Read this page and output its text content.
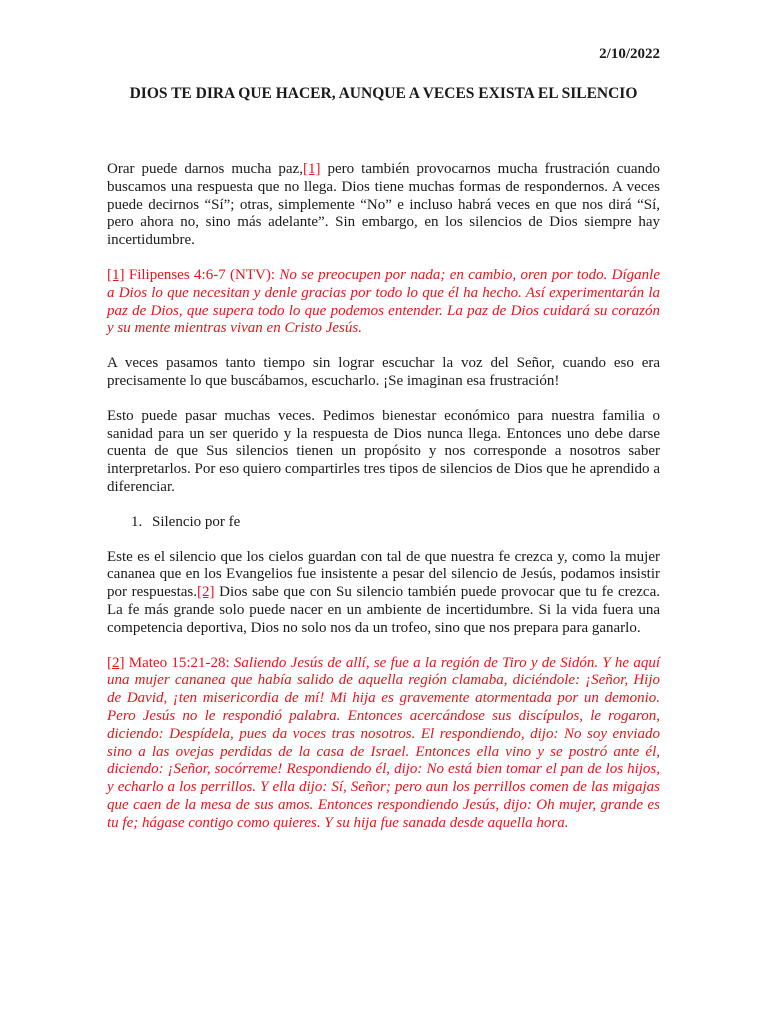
2/10/2022

DIOS TE DIRA QUE HACER, AUNQUE A VECES EXISTA EL SILENCIO

Orar puede darnos mucha paz,[1] pero también provocarnos mucha frustración cuando buscamos una respuesta que no llega. Dios tiene muchas formas de respondernos. A veces puede decirnos “Sí”; otras, simplemente “No” e incluso habrá veces en que nos dirá “Sí, pero ahora no, sino más adelante”. Sin embargo, en los silencios de Dios siempre hay incertidumbre.

[1] Filipenses 4:6-7 (NTV): No se preocupen por nada; en cambio, oren por todo. Díganle a Dios lo que necesitan y denle gracias por todo lo que él ha hecho. Así experimentarán la paz de Dios, que supera todo lo que podemos entender. La paz de Dios cuidará su corazón y su mente mientras vivan en Cristo Jesús.

A veces pasamos tanto tiempo sin lograr escuchar la voz del Señor, cuando eso era precisamente lo que buscábamos, escucharlo. ¡Se imaginan esa frustración!

Esto puede pasar muchas veces. Pedimos bienestar económico para nuestra familia o sanidad para un ser querido y la respuesta de Dios nunca llega. Entonces uno debe darse cuenta de que Sus silencios tienen un propósito y nos corresponde a nosotros saber interpretarlos. Por eso quiero compartirles tres tipos de silencios de Dios que he aprendido a diferenciar.

1. Silencio por fe

Este es el silencio que los cielos guardan con tal de que nuestra fe crezca y, como la mujer cananea que en los Evangelios fue insistente a pesar del silencio de Jesús, podamos insistir por respuestas.[2] Dios sabe que con Su silencio también puede provocar que tu fe crezca. La fe más grande solo puede nacer en un ambiente de incertidumbre. Si la vida fuera una competencia deportiva, Dios no solo nos da un trofeo, sino que nos prepara para ganarlo.

[2] Mateo 15:21-28: Saliendo Jesús de allí, se fue a la región de Tiro y de Sidón. Y he aquí una mujer cananea que había salido de aquella región clamaba, diciéndole: ¡Señor, Hijo de David, ¡ten misericordia de mí! Mi hija es gravemente atormentada por un demonio. Pero Jesús no le respondió palabra. Entonces acercándose sus discípulos, le rogaron, diciendo: Despídela, pues da voces tras nosotros. El respondiendo, dijo: No soy enviado sino a las ovejas perdidas de la casa de Israel. Entonces ella vino y se postró ante él, diciendo: ¡Señor, socórreme! Respondiendo él, dijo: No está bien tomar el pan de los hijos, y echarlo a los perrillos. Y ella dijo: Sí, Señor; pero aun los perrillos comen de las migajas que caen de la mesa de sus amos. Entonces respondiendo Jesús, dijo: Oh mujer, grande es tu fe; hágase contigo como quieres. Y su hija fue sanada desde aquella hora.
